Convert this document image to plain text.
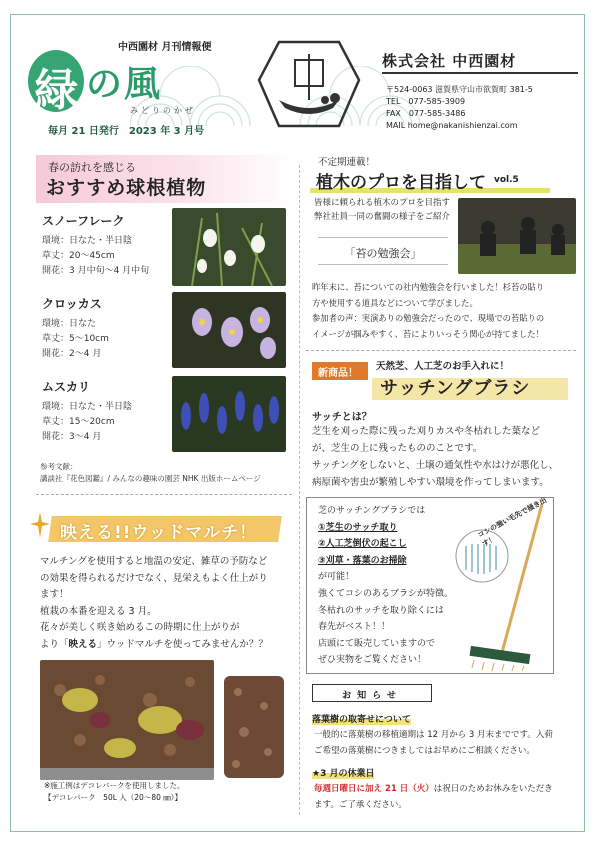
中西園材 月刊情報便
緑 の風
みどりのかぜ
毎月 21 日発行　2023 年 3 月号
株式会社 中西園材
〒524-0063 滋賀県守山市欲賀町 381-5
TEL　077-585-3909
FAX　077-585-3486
MAIL home@nakanishienzai.com
春の訪れを感じる
おすすめ球根植物
スノーフレーク

環境：日なた・半日陰

草丈：20～45cm

開花：3 月中旬～4 月中旬

クロッカス

環境：日なた

草丈：5～10cm

開花：2～4 月

ムスカリ

環境：日なた・半日陰

草丈：15～20cm

開花：3～4 月

参考文献：
講談社『花色図鑑』/ みんなの趣味の園芸 NHK 出版ホームページ
映える!!ウッドマルチ！
マルチングを使用すると地温の安定、雑草の予防など
の効果を得られるだけでなく、見栄えもよく仕上がり
ます！
植栽の本番を迎える 3 月。
花々が美しく咲き始めるこの時期に仕上がりが
より「映える」ウッドマルチを使ってみませんか？？
※施工例はデコレバークを使用しました。
【デコレバーク　50L 入（20～80 ㎜）】
不定期連載！
植木のプロを目指して vol.5
皆様に頼られる植木のプロを目指す
弊社社員一同の奮闘の様子をご紹介
「苔の勉強会」
昨年末に、苔についての社内勉強会を行いました！杉苔の貼り
方や使用する道具などについて学びました。
参加者の声：実演ありの勉強会だったので、現場での苔貼りの
イメージが掴みやすく、苔によりいっそう関心が持てました！
新商品！
天然芝、人工芝のお手入れに！
サッチングブラシ
サッチとは？
芝生を刈った際に残った刈りカスや冬枯れした葉など
が、芝生の上に残ったもののことです。
サッチングをしないと、土壌の通気性や水はけが悪化し、
病原菌や害虫が繁殖しやすい環境を作ってしまいます。
芝のサッチングブラシでは
①芝生のサッチ取り
②人工芝倒伏の起こし
③刈草・落葉のお掃除
が可能！
強くてコシのあるブラシが特徴。
冬枯れのサッチを取り除くには
春先がベスト！！
店頭にて販売していますので
ぜひ実物をご覧ください！
コシの強い毛先で掻き出す！
お知らせ
落葉樹の取寄せについて
一般的に落葉樹の移植適期は 12 月から 3 月末までです。入荷
ご希望の落葉樹につきましてはお早めにご相談ください。
★3 月の休業日
毎週日曜日に加え 21 日（火）は祝日のためお休みをいただき
ます。ご了承ください。
